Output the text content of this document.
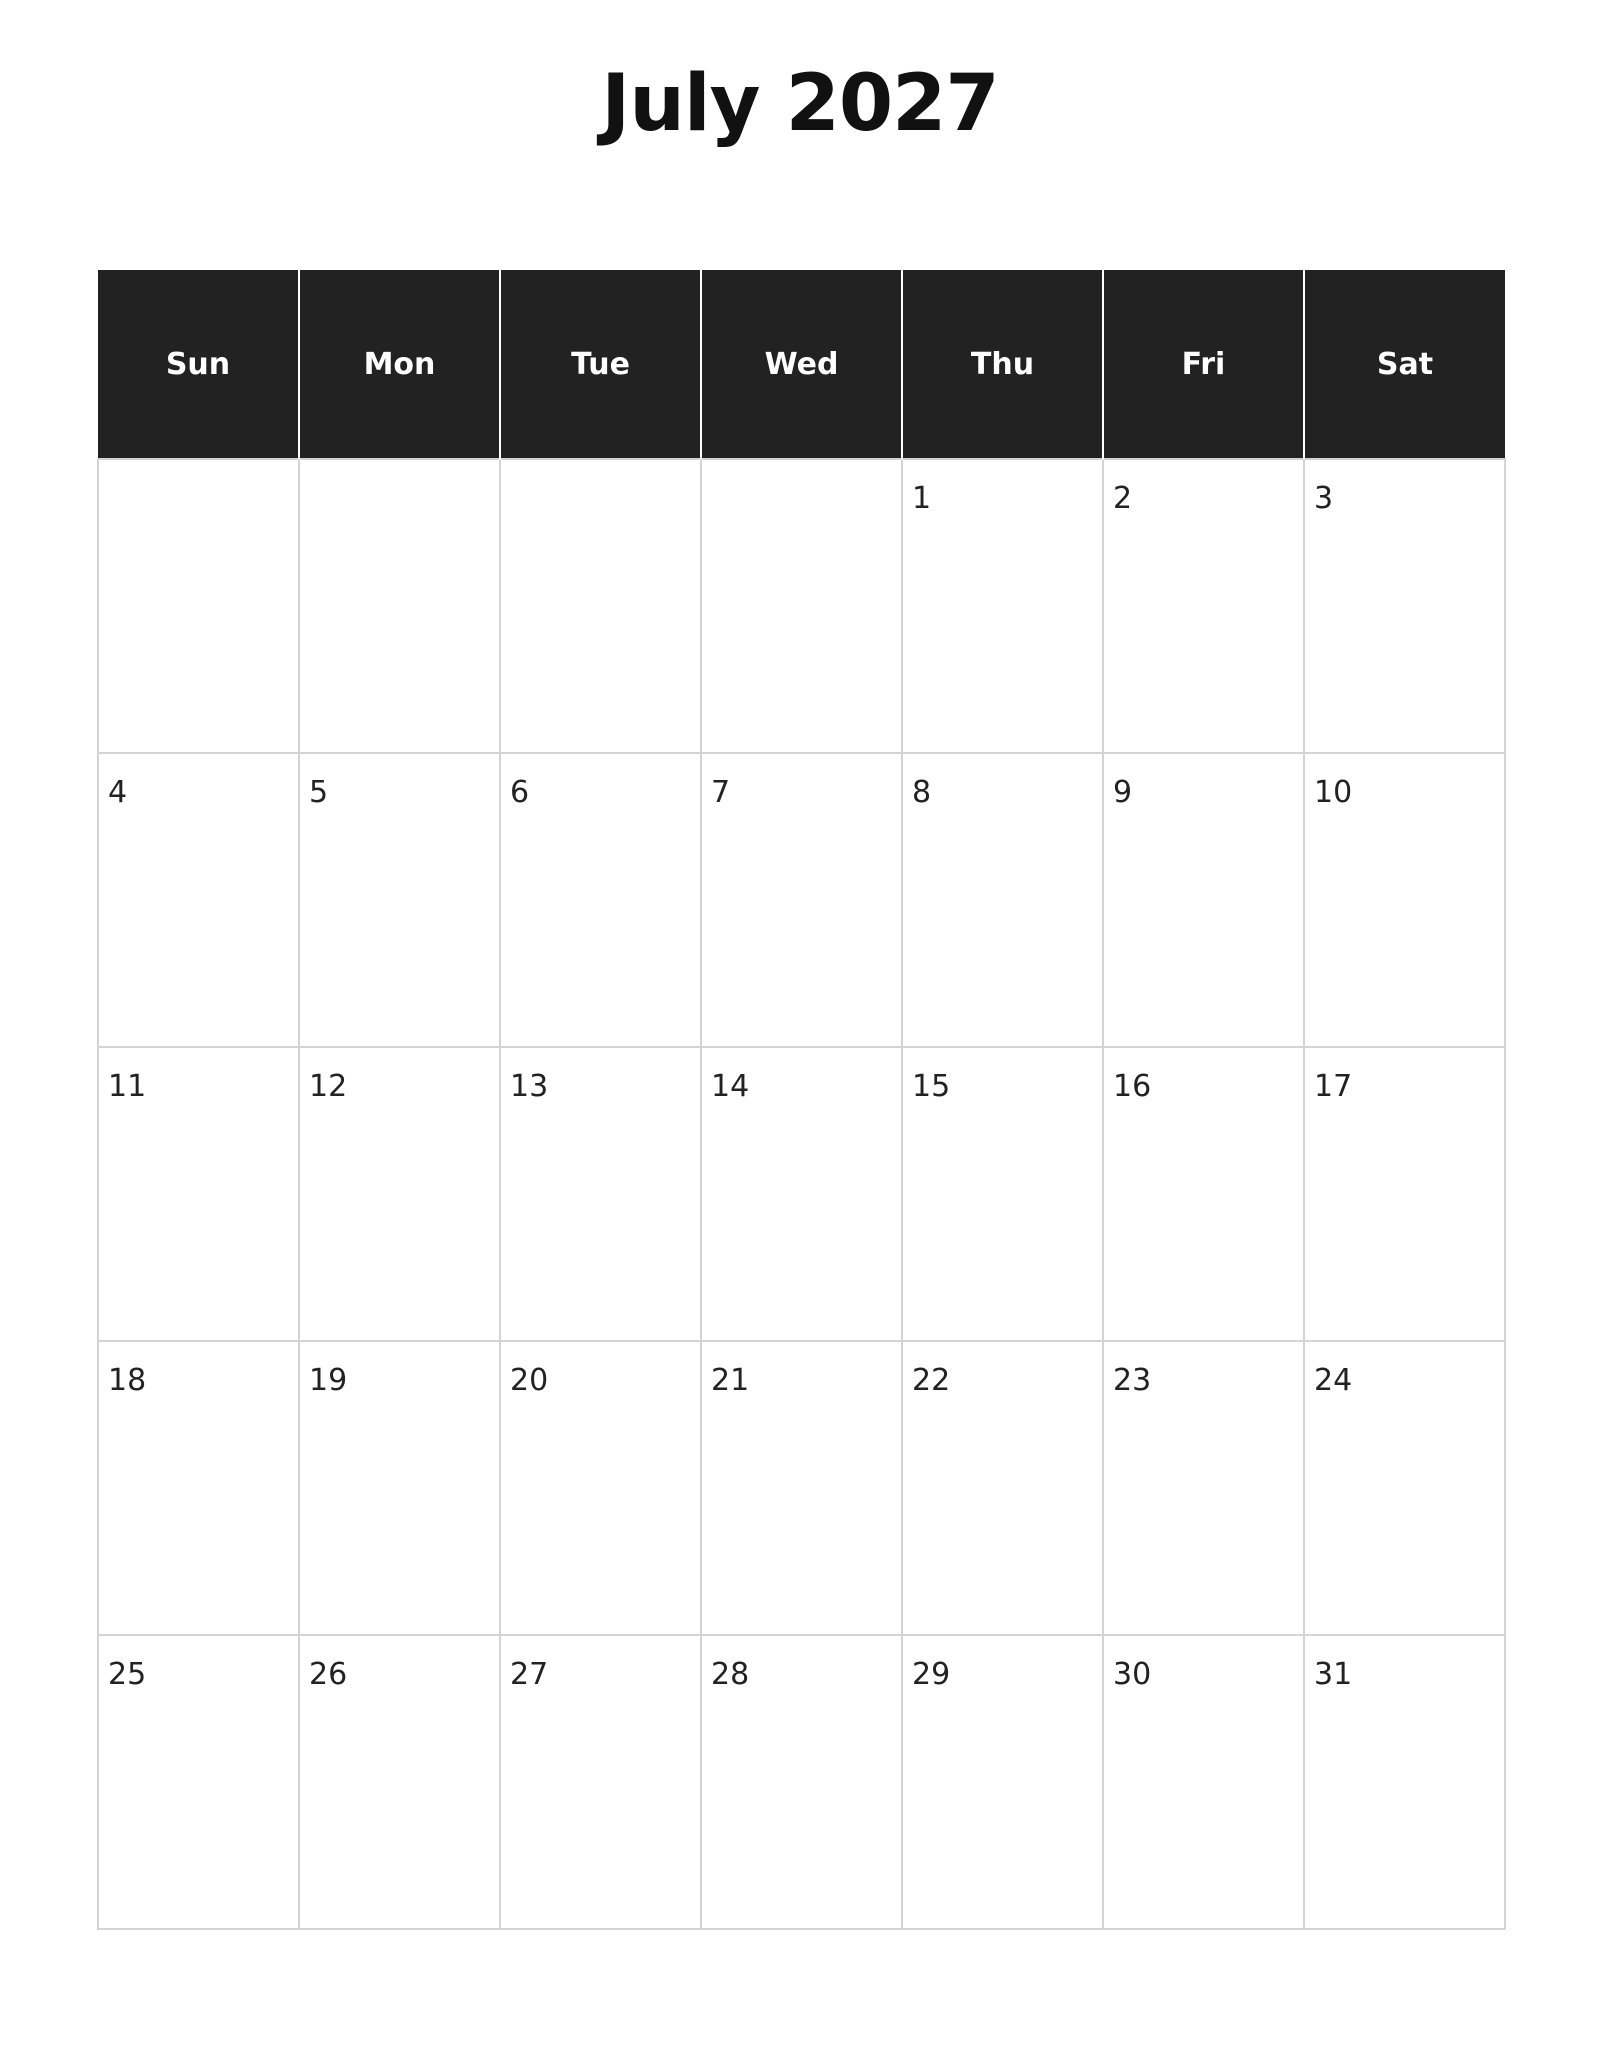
July 2027
Sun	Mon	Tue	Wed	Thu	Fri	Sat

				1	2	3

4	5	6	7	8	9	10

11	12	13	14	15	16	17

18	19	20	21	22	23	24

25	26	27	28	29	30	31
